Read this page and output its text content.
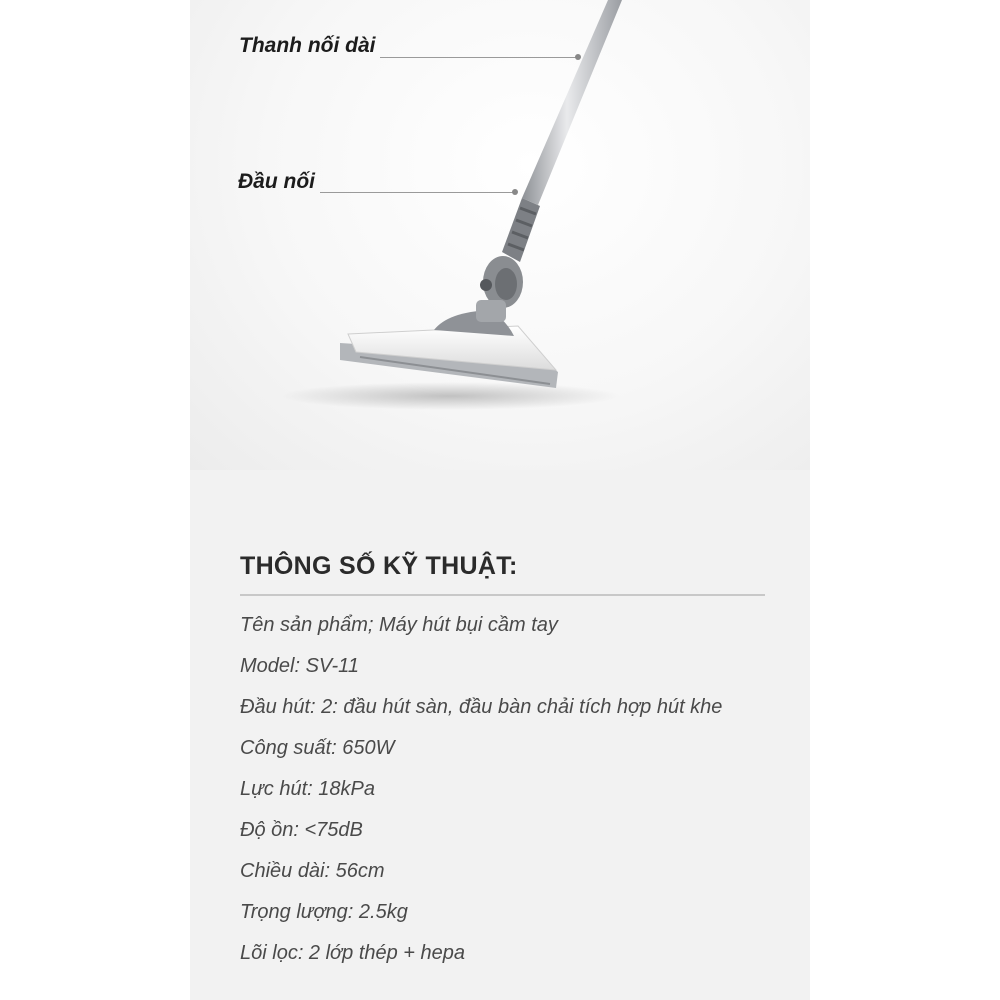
Thanh nối dài
Đầu nối
THÔNG SỐ KỸ THUẬT:
Tên sản phẩm; Máy hút bụi cầm tay
Model: SV-11
Đầu hút: 2: đầu hút sàn, đầu bàn chải tích hợp hút khe
Công suất: 650W
Lực hút: 18kPa
Độ ồn: <75dB
Chiều dài: 56cm
Trọng lượng: 2.5kg
Lõi lọc: 2 lớp thép + hepa
